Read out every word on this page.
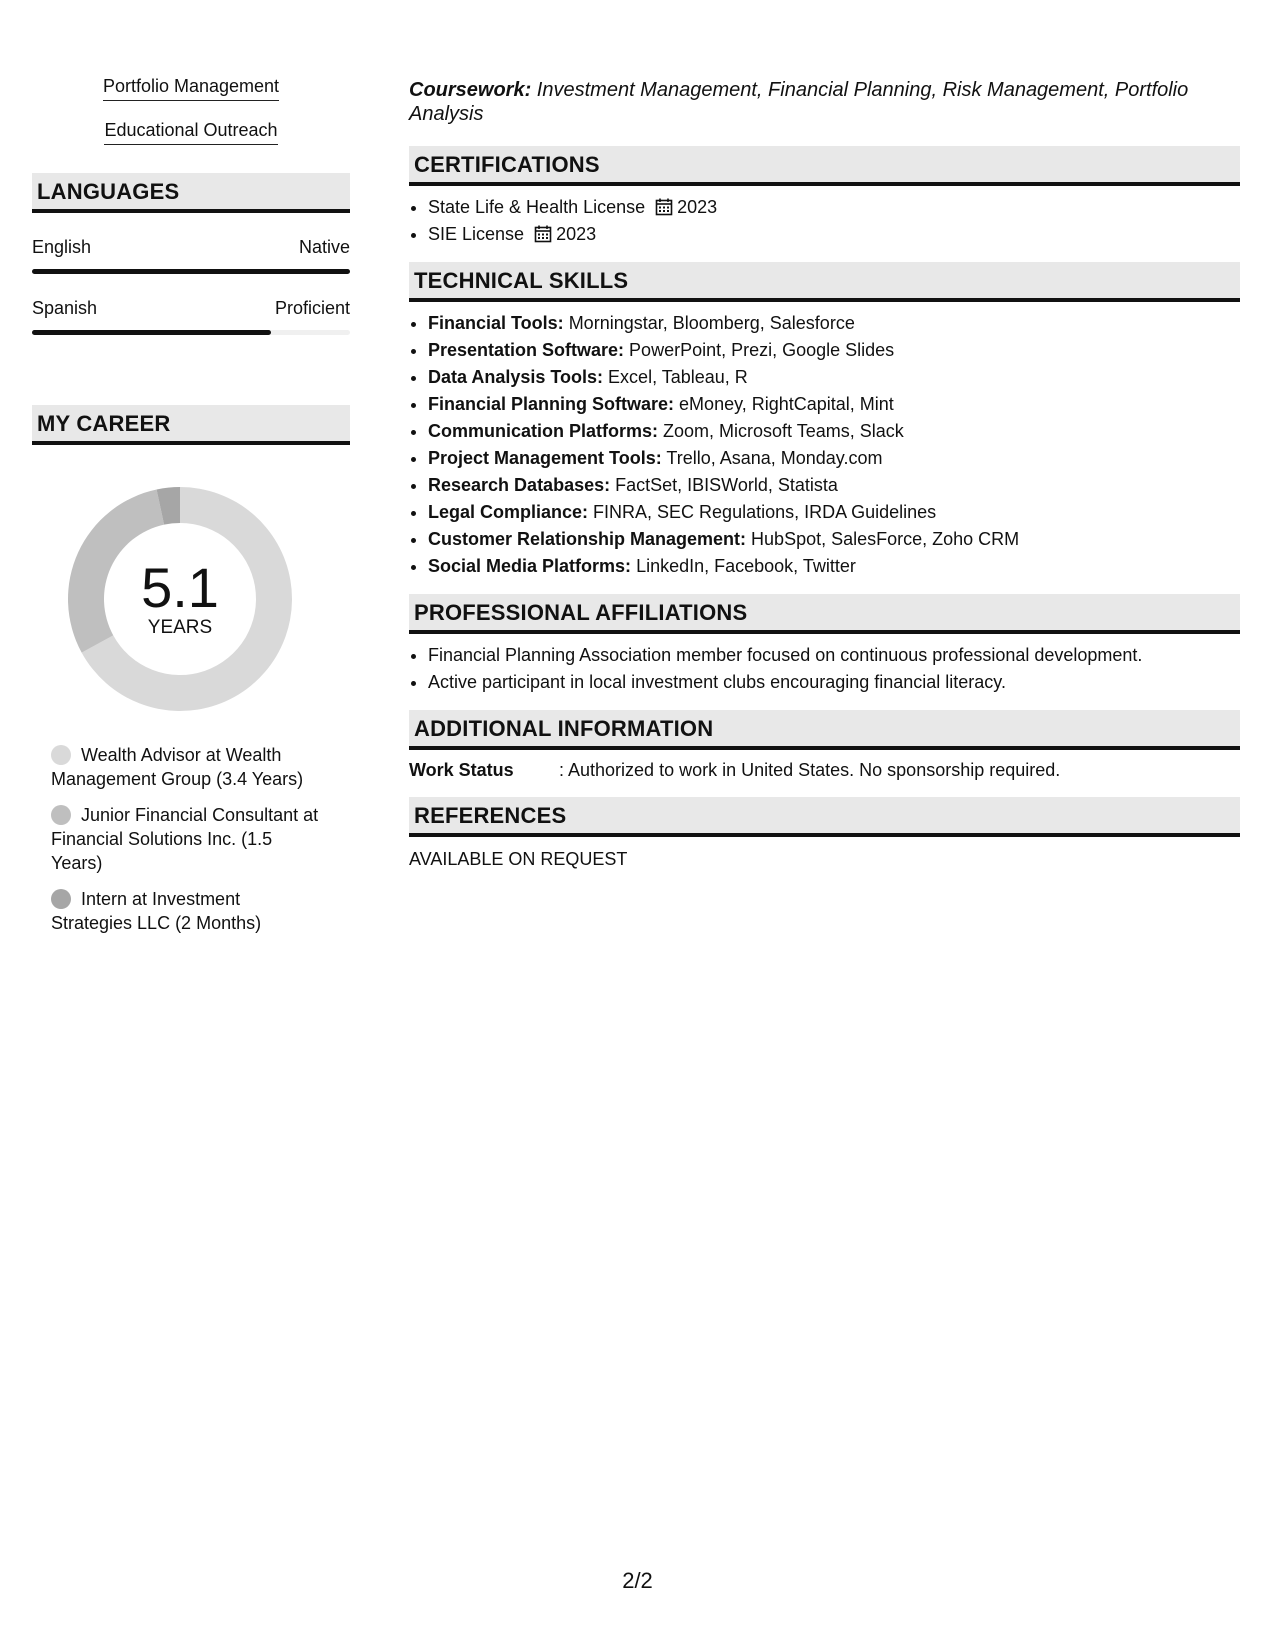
Portfolio Management
Educational Outreach
LANGUAGES
English	Native
Spanish	Proficient
MY CAREER
5.1
YEARS
Wealth Advisor at Wealth Management Group (3.4 Years)
Junior Financial Consultant at Financial Solutions Inc. (1.5 Years)
Intern at Investment Strategies LLC (2 Months)
Coursework: Investment Management, Financial Planning, Risk Management, Portfolio Analysis
CERTIFICATIONS
• State Life & Health License 2023
• SIE License 2023
TECHNICAL SKILLS
• Financial Tools: Morningstar, Bloomberg, Salesforce
• Presentation Software: PowerPoint, Prezi, Google Slides
• Data Analysis Tools: Excel, Tableau, R
• Financial Planning Software: eMoney, RightCapital, Mint
• Communication Platforms: Zoom, Microsoft Teams, Slack
• Project Management Tools: Trello, Asana, Monday.com
• Research Databases: FactSet, IBISWorld, Statista
• Legal Compliance: FINRA, SEC Regulations, IRDA Guidelines
• Customer Relationship Management: HubSpot, SalesForce, Zoho CRM
• Social Media Platforms: LinkedIn, Facebook, Twitter
PROFESSIONAL AFFILIATIONS
• Financial Planning Association member focused on continuous professional development.
• Active participant in local investment clubs encouraging financial literacy.
ADDITIONAL INFORMATION
Work Status	: Authorized to work in United States. No sponsorship required.
REFERENCES
AVAILABLE ON REQUEST
2/2
